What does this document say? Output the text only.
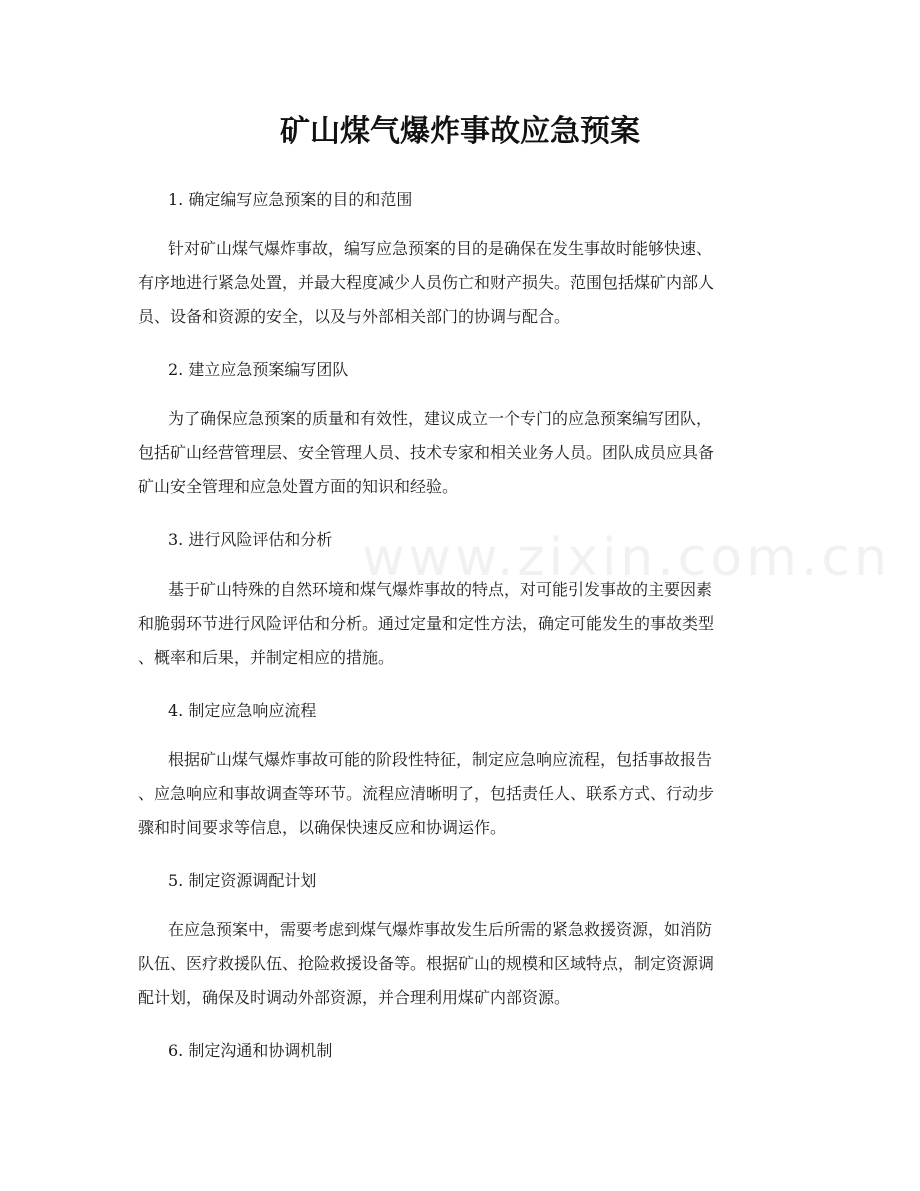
www.zixin.com.cn
矿山煤气爆炸事故应急预案

1. 确定编写应急预案的目的和范围

针对矿山煤气爆炸事故，编写应急预案的目的是确保在发生事故时能够快速、
有序地进行紧急处置，并最大程度减少人员伤亡和财产损失。范围包括煤矿内部人
员、设备和资源的安全，以及与外部相关部门的协调与配合。

2. 建立应急预案编写团队

为了确保应急预案的质量和有效性，建议成立一个专门的应急预案编写团队，
包括矿山经营管理层、安全管理人员、技术专家和相关业务人员。团队成员应具备
矿山安全管理和应急处置方面的知识和经验。

3. 进行风险评估和分析

基于矿山特殊的自然环境和煤气爆炸事故的特点，对可能引发事故的主要因素
和脆弱环节进行风险评估和分析。通过定量和定性方法，确定可能发生的事故类型
、概率和后果，并制定相应的措施。

4. 制定应急响应流程

根据矿山煤气爆炸事故可能的阶段性特征，制定应急响应流程，包括事故报告
、应急响应和事故调查等环节。流程应清晰明了，包括责任人、联系方式、行动步
骤和时间要求等信息，以确保快速反应和协调运作。

5. 制定资源调配计划

在应急预案中，需要考虑到煤气爆炸事故发生后所需的紧急救援资源，如消防
队伍、医疗救援队伍、抢险救援设备等。根据矿山的规模和区域特点，制定资源调
配计划，确保及时调动外部资源，并合理利用煤矿内部资源。

6. 制定沟通和协调机制
